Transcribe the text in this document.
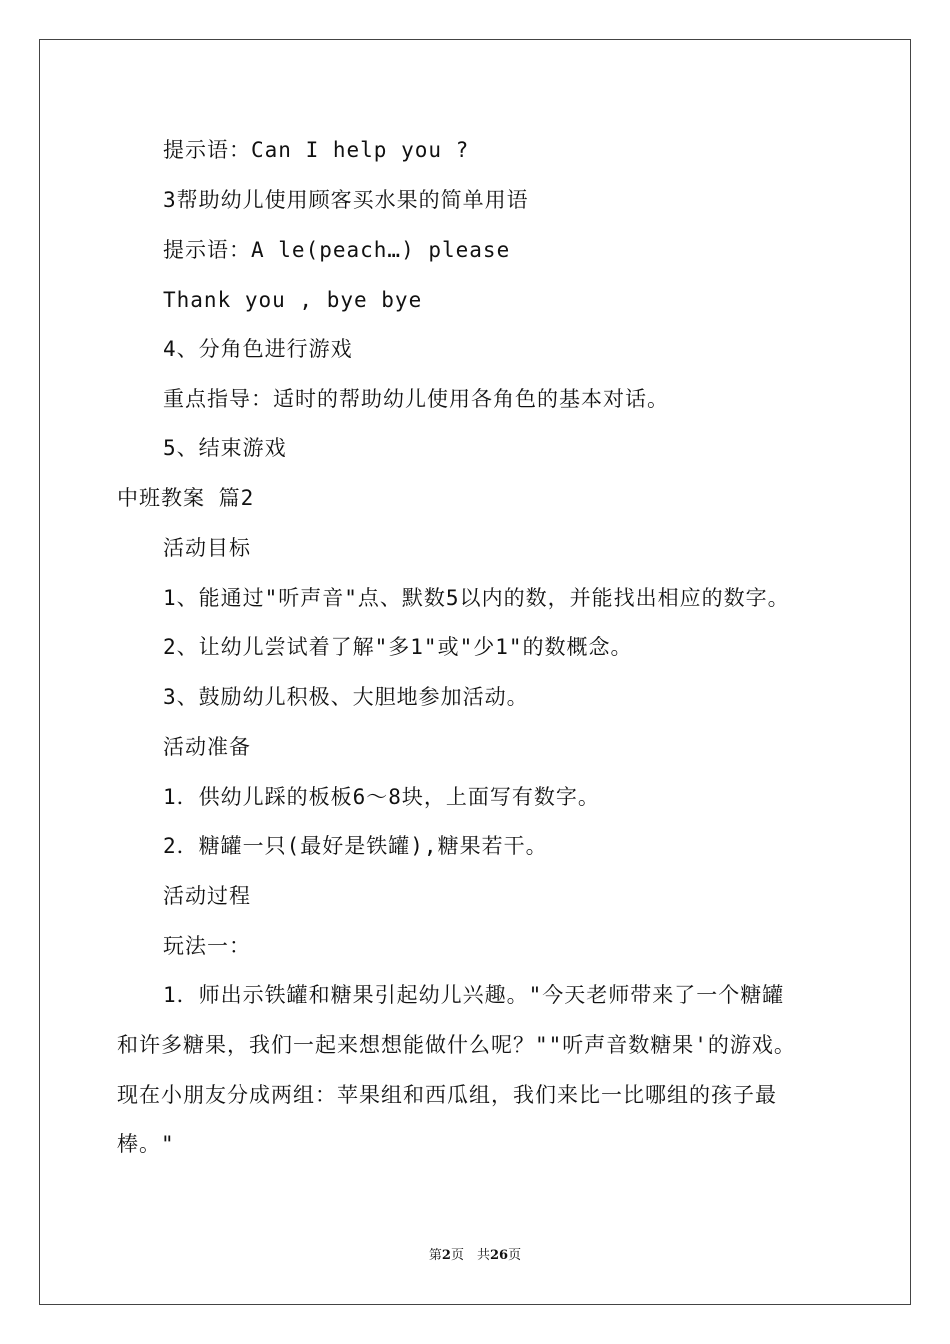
提示语：Can I help you ?
3帮助幼儿使用顾客买水果的简单用语
提示语：A le(peach…) please
Thank you , bye bye
4、分角色进行游戏
重点指导：适时的帮助幼儿使用各角色的基本对话。
5、结束游戏
中班教案 篇2
活动目标
1、能通过"听声音"点、默数5以内的数，并能找出相应的数字。
2、让幼儿尝试着了解"多1"或"少1"的数概念。
3、鼓励幼儿积极、大胆地参加活动。
活动准备
1．供幼儿踩的板板6～8块，上面写有数字。
2．糖罐一只(最好是铁罐),糖果若干。
活动过程
玩法一：
1．师出示铁罐和糖果引起幼儿兴趣。"今天老师带来了一个糖罐
和许多糖果，我们一起来想想能做什么呢？""听声音数糖果'的游戏。
现在小朋友分成两组：苹果组和西瓜组，我们来比一比哪组的孩子最
棒。"
第2页　共26页
